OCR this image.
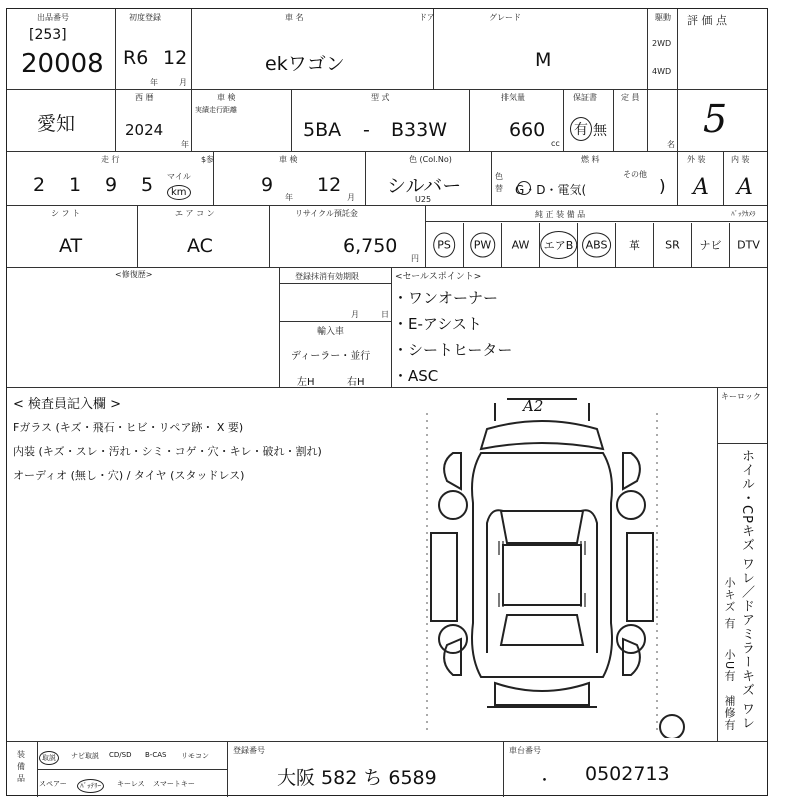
出品番号
[253]
20008
初度登録
R6 12
年	月
車 名
ekワゴン
ドア	グレード
M
駆動
2WD
4WD
評 価 点
5
愛知
西 暦
2024
年
車 検
実績走行距離
型 式
5BA - B33W
排気量
660
cc
保証書
有 無
定 員
名
走 行
2 1 9 5 マイル
km
$参	車 検
9
年
12
月
色 (Col.No)
シルバー
U25
色替
燃 料
G・D・電気(
その他
)
外 装
A
内 装
A
シ フ ト
AT
エ ア コ ン
AC
リサイクル預託金
6,750
円
純 正 装 備 品	ﾊﾞｯｸｶﾒﾗ
PS	PW	AW	エアB	ABS	革 SR ナビ DTV
<修復歴>	登録抹消有効期限
月	日
輸入車
ディーラー・並行
左H	右H
<セールスポイント>
・ワンオーナー
・E-アシスト
・シートヒーター
・ASC
< 検査員記入欄 >
Fガラス (キズ・飛石・ヒビ・リペア跡・ X 要)
内装 (キズ・スレ・汚れ・シミ・コゲ・穴・キレ・破れ・割れ)
オーディオ (無し・穴) / タイヤ (スタッドレス)
キーロック
ホイル・CPキズ ワレ／ドアミラーキズ ワレ
小キズ 有
小U有
補修有
A2
装備品
取説	ナビ取説 CD/SD B-CAS リモコン
スペアー	ﾊﾞｯﾃﾘｰ	キーレス スマートキー
登録番号
大阪 582 ち 6589
車台番号
・ 0502713
